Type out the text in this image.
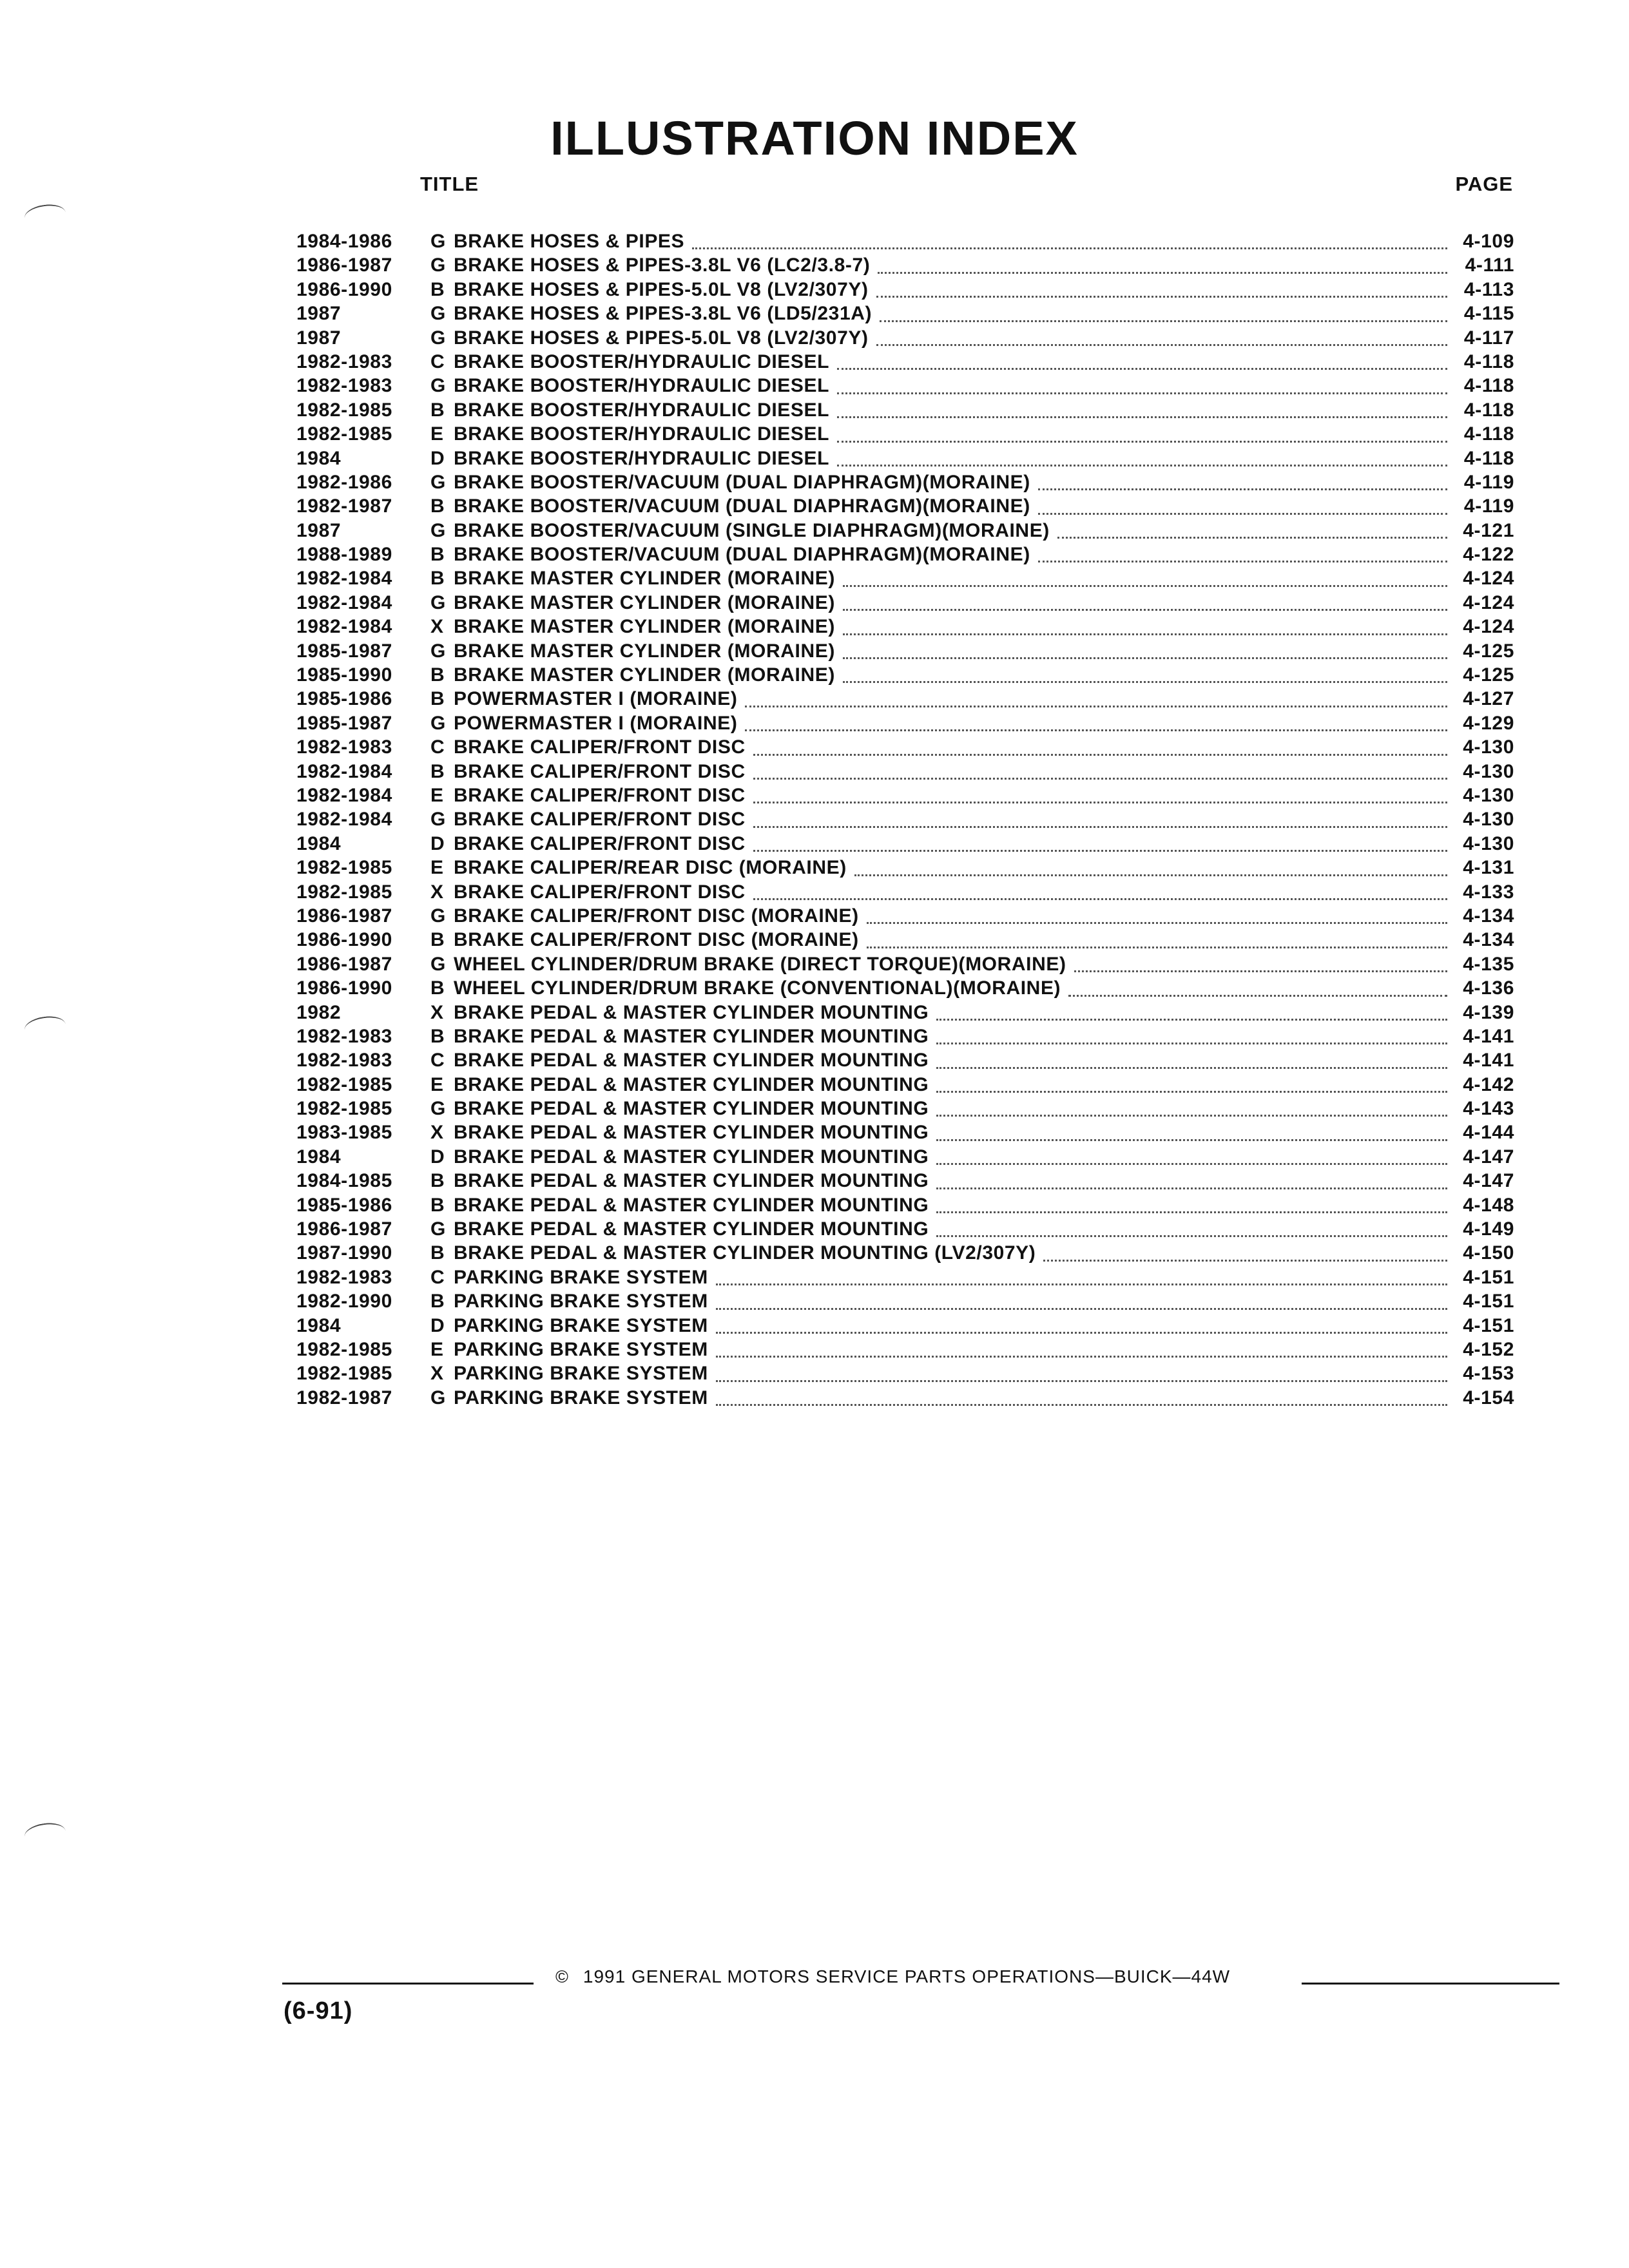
ILLUSTRATION INDEX
TITLE	PAGE
1984-1986	G BRAKE HOSES & PIPES	4-109
1986-1987	G BRAKE HOSES & PIPES-3.8L V6 (LC2/3.8-7)	4-111
1986-1990	B BRAKE HOSES & PIPES-5.0L V8 (LV2/307Y)	4-113
1987	G BRAKE HOSES & PIPES-3.8L V6 (LD5/231A)	4-115
1987	G BRAKE HOSES & PIPES-5.0L V8 (LV2/307Y)	4-117
1982-1983	C BRAKE BOOSTER/HYDRAULIC DIESEL	4-118
1982-1983	G BRAKE BOOSTER/HYDRAULIC DIESEL	4-118
1982-1985	B BRAKE BOOSTER/HYDRAULIC DIESEL	4-118
1982-1985	E BRAKE BOOSTER/HYDRAULIC DIESEL	4-118
1984	D BRAKE BOOSTER/HYDRAULIC DIESEL	4-118
1982-1986	G BRAKE BOOSTER/VACUUM (DUAL DIAPHRAGM)(MORAINE)	4-119
1982-1987	B BRAKE BOOSTER/VACUUM (DUAL DIAPHRAGM)(MORAINE)	4-119
1987	G BRAKE BOOSTER/VACUUM (SINGLE DIAPHRAGM)(MORAINE)	4-121
1988-1989	B BRAKE BOOSTER/VACUUM (DUAL DIAPHRAGM)(MORAINE)	4-122
1982-1984	B BRAKE MASTER CYLINDER (MORAINE)	4-124
1982-1984	G BRAKE MASTER CYLINDER (MORAINE)	4-124
1982-1984	X BRAKE MASTER CYLINDER (MORAINE)	4-124
1985-1987	G BRAKE MASTER CYLINDER (MORAINE)	4-125
1985-1990	B BRAKE MASTER CYLINDER (MORAINE)	4-125
1985-1986	B POWERMASTER I (MORAINE)	4-127
1985-1987	G POWERMASTER I (MORAINE)	4-129
1982-1983	C BRAKE CALIPER/FRONT DISC	4-130
1982-1984	B BRAKE CALIPER/FRONT DISC	4-130
1982-1984	E BRAKE CALIPER/FRONT DISC	4-130
1982-1984	G BRAKE CALIPER/FRONT DISC	4-130
1984	D BRAKE CALIPER/FRONT DISC	4-130
1982-1985	E BRAKE CALIPER/REAR DISC (MORAINE)	4-131
1982-1985	X BRAKE CALIPER/FRONT DISC	4-133
1986-1987	G BRAKE CALIPER/FRONT DISC (MORAINE)	4-134
1986-1990	B BRAKE CALIPER/FRONT DISC (MORAINE)	4-134
1986-1987	G WHEEL CYLINDER/DRUM BRAKE (DIRECT TORQUE)(MORAINE)	4-135
1986-1990	B WHEEL CYLINDER/DRUM BRAKE (CONVENTIONAL)(MORAINE)	4-136
1982	X BRAKE PEDAL & MASTER CYLINDER MOUNTING	4-139
1982-1983	B BRAKE PEDAL & MASTER CYLINDER MOUNTING	4-141
1982-1983	C BRAKE PEDAL & MASTER CYLINDER MOUNTING	4-141
1982-1985	E BRAKE PEDAL & MASTER CYLINDER MOUNTING	4-142
1982-1985	G BRAKE PEDAL & MASTER CYLINDER MOUNTING	4-143
1983-1985	X BRAKE PEDAL & MASTER CYLINDER MOUNTING	4-144
1984	D BRAKE PEDAL & MASTER CYLINDER MOUNTING	4-147
1984-1985	B BRAKE PEDAL & MASTER CYLINDER MOUNTING	4-147
1985-1986	B BRAKE PEDAL & MASTER CYLINDER MOUNTING	4-148
1986-1987	G BRAKE PEDAL & MASTER CYLINDER MOUNTING	4-149
1987-1990	B BRAKE PEDAL & MASTER CYLINDER MOUNTING (LV2/307Y)	4-150
1982-1983	C PARKING BRAKE SYSTEM	4-151
1982-1990	B PARKING BRAKE SYSTEM	4-151
1984	D PARKING BRAKE SYSTEM	4-151
1982-1985	E PARKING BRAKE SYSTEM	4-152
1982-1985	X PARKING BRAKE SYSTEM	4-153
1982-1987	G PARKING BRAKE SYSTEM	4-154
© 1991 GENERAL MOTORS SERVICE PARTS OPERATIONS—BUICK—44W
(6-91)
